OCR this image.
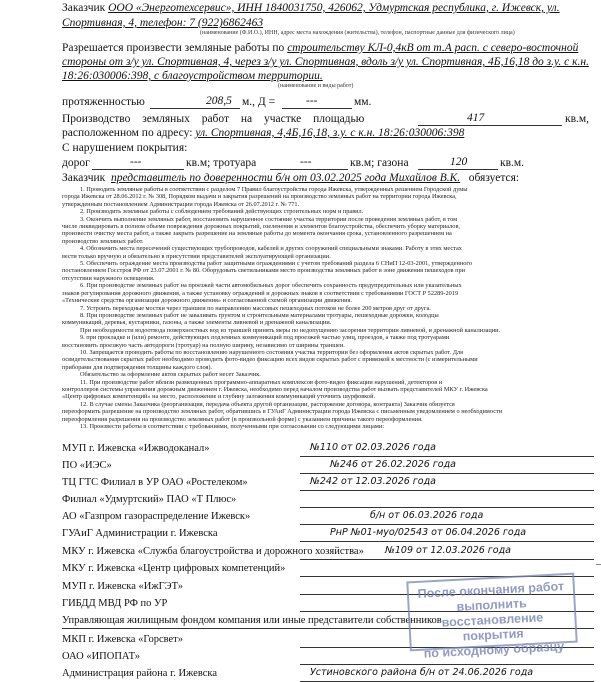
Заказчик ООО «Энерготехсервис», ИНН 1840031750, 426062, Удмуртская республика, г. Ижевск, ул.
Спортивная, 4, телефон: 7 (922)6862463
(наименование (Ф.И.О.), ИНН, адрес места нахождения (жительства), телефон, паспортные данные для физического лица)
Разрешается произвести земляные работы по строительству КЛ-0,4кВ от т.А расп. с северо-восточной
стороны от з/у ул. Спортивная, 4, через з/у ул. Спортивная, вдоль з/у ул. Спортивная, 4Б,16,18 до з.у. с к.н.
18:26:030006:398, с благоустройством территории.
(наименование и виды работ)
протяженностью	208,5 м., Д =	---	мм.
Производство земляных работ на участке площадью	417	кв.м,
расположенном по адресу: ул. Спортивная, 4,4Б,16,18, з.у. с к.н. 18:26:030006:398
С нарушением покрытия:
дорог	---	кв.м; тротуара	---	кв.м; газона	120	кв.м.
Заказчик представитель по доверенности б/н от 03.02.2025 года Михайлов В.К. обязуется:
1. Проводить земляные работы в соответствии с разделом 7 Правил благоустройства города Ижевска, утвержденных решением Городской думы
города Ижевска от 28.06.2012 г. № 308, Порядком выдачи и закрытия разрешений на производство земляных работ на территории города Ижевска,
утвержденным постановлением Администрации города Ижевска от 26.07.2012 г. № 771.
2. Производить земляные работы с соблюдением требований действующих строительных норм и правил.
3. Окончить выполнение земляных работ, восстановить нарушенное состояние участка территории после проведения земляных работ, в том
числе ликвидировать в полном объеме повреждения дорожных покрытий, озеленения и элементов благоустройства, обеспечить уборку материалов,
произвести очистку места работ, а также закрыть разрешение на земляные работы до момента окончания срока, установленного разрешением на
производство земляных работ.
4. Обозначить места пересечений существующих трубопроводов, кабелей и других сооружений специальными знаками. Работу в этих местах
вести только вручную и обязательно в присутствии представителей эксплуатирующей организации.
5. Обеспечить ограждение места производства работ защитными ограждениями с учетом требований раздела 6 СНиП 12-03-2001, утвержденного
постановлением Госстроя РФ от 23.07.2001 г. № 80. Оборудовать светильниками место производства земляных работ в зоне движения пешеходов при
отсутствии наружного освещения.
6. При производстве земляных работ на проезжей части автомобильных дорог обеспечить сохранность предупредительных или указательных
знаков регулирования дорожного движения, а также установку ограждений и дорожных знаков в соответствии с требованиями ГОСТ Р 52289-2019
«Технические средства организации дорожного движения» и согласованной схемой организации движения.
7. Устроить переходные мостки через траншеи по направлению массовых пешеходных потоков не более 200 метров друг от друга.
8. При производстве земляных работ не заваливать грунтом и строительными материалами тротуары, пешеходные дорожки, колодцы
коммуникаций, деревья, кустарники, газоны, а также элементы ливневой и дренажной канализации.
При необходимости водоотвода поверхностных вод из траншей принять меры по недопущению засорения территории ливневой, и дренажной канализации.
9. при прокладке и (или) ремонте, действующих подземных коммуникаций под проезжей частью улиц, проездов, а также под тротуарами
восстановить проезжую часть автодороги (тротуар) на полную ширину, независимо от ширины траншеи.
10. Запрещается проводить работы по восстановлению нарушенного состояния участка территории без оформления актов скрытых работ. Для
освидетельствования скрытых работ необходимо проводить фото-видео фиксацию всех видов скрытых работ с привязкой к местности (с измерительными
приборами для подтверждения толщины каждого слоя).
Обязательство за оформление актов скрытых работ несет Заказчик.
11. При производстве работ вблизи размещенных программно-аппаратных комплексов фото-видео фиксации нарушений, детекторов и
контроллеров системы управления дорожным движением г. Ижевска, необходимо перед началом производства работ вызвать представителей МКУ г. Ижевска
«Центр цифровых компетенций» на место, расположение и глубину заложения коммуникаций уточнить шурфовкой.
12. В случае смены Заказчика (реорганизация, передача объекта другой организации, расторжение договора, контракта) Заказчик обязуется
переоформить разрешение на производство земляных работ, обратившись в ГУАиГ Администрации города Ижевска с письменным уведомлением о необходимости
переоформления разрешения на производство земляных работ (в произвольной форме) с указанием причины такого переоформления.
13. Произвести работы в соответствии с требованиями, полученными при согласовании со следующими лицами:
МУП г. Ижевска «Ижводоканал»	№110 от 02.03.2026 года
ПО «ИЭС»	№246 от 26.02.2026 года
ТЦ ГТС Филиал в УР ОАО «Ростелеком»	№242 от 12.03.2026 года
Филиал «Удмуртский» ПАО «Т Плюс»
АО «Газпром газораспределение Ижевск»	б/н от 06.03.2026 года
ГУАиГ Администрации г. Ижевска	РнР №01-муо/02543 от 06.04.2026 года
МКУ г. Ижевска «Служба благоустройства и дорожного хозяйства» №109 от 12.03.2026 года
МКУ г. Ижевска «Центр цифровых компетенций»
МУП г. Ижевска «ИжГЭТ»
ГИБДД МВД РФ по УР
Управляющая жилищным фондом компания или иные представители собственников
МКП г. Ижевска «Горсвет»
ОАО «ИПОПАТ»
Администрация района г. Ижевска	Устиновского района б/н от 24.06.2026 года
После окончания работ
выполнить
восстановление покрытия
по исходному образцу
–
